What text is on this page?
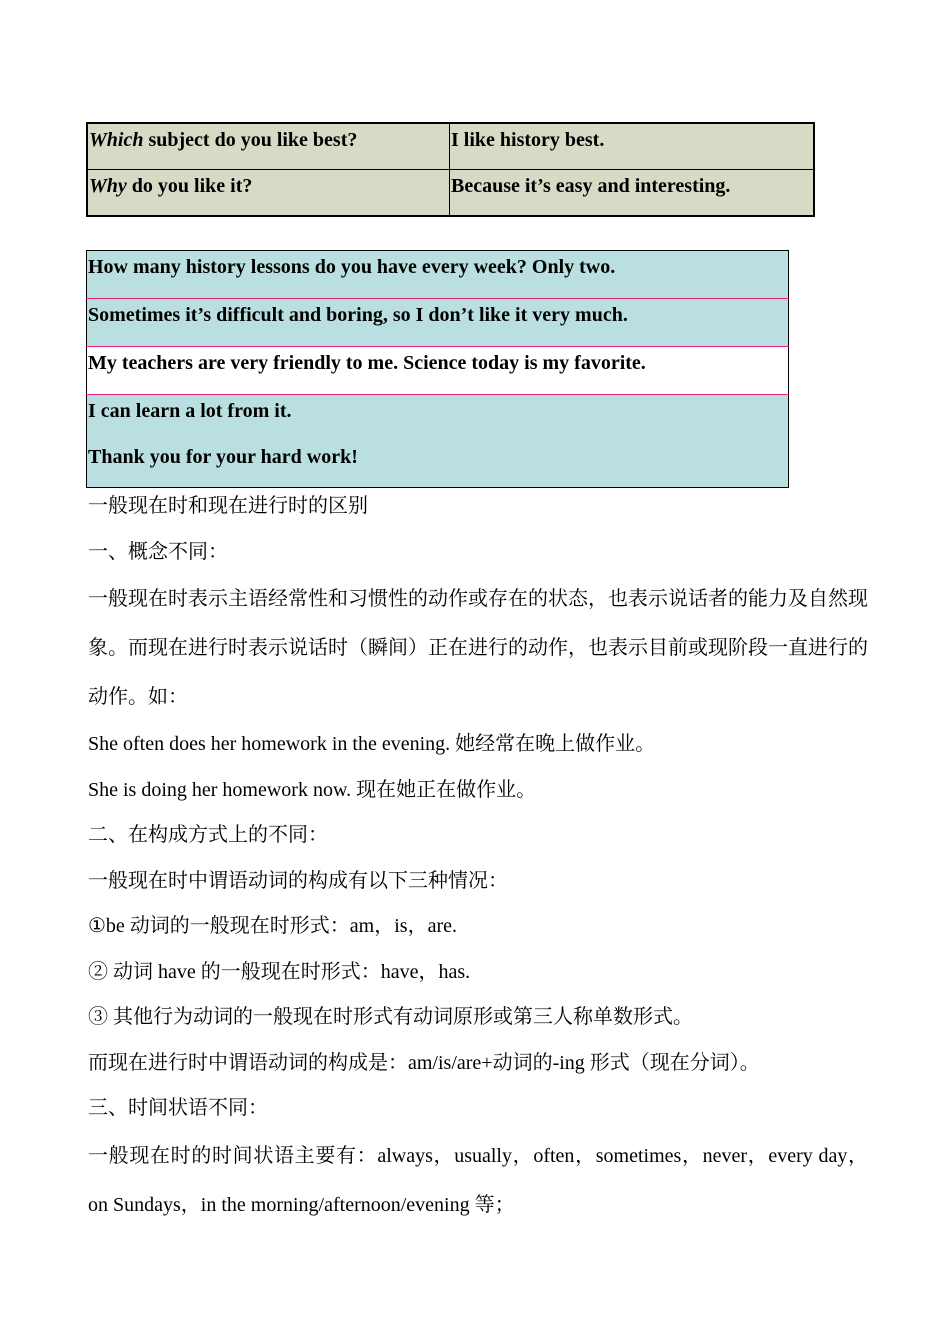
Which subject do you like best?	I like history best.
Why do you like it?	Because it’s easy and interesting.
How many history lessons do you have every week? Only two.
Sometimes it’s difficult and boring, so I don’t like it very much.
My teachers are very friendly to me. Science today is my favorite.

I can learn a lot from it.
Thank you for your hard work!

一般现在时和现在进行时的区别

一、概念不同：

一般现在时表示主语经常性和习惯性的动作或存在的状态，也表示说话者的能力及自然现象。而现在进行时表示说话时（瞬间）正在进行的动作，也表示目前或现阶段一直进行的动作。如：

She often does her homework in the evening. 她经常在晚上做作业。

She is doing her homework now. 现在她正在做作业。

二、在构成方式上的不同：

一般现在时中谓语动词的构成有以下三种情况：

①be 动词的一般现在时形式：am，is，are.

② 动词 have 的一般现在时形式：have，has.

③ 其他行为动词的一般现在时形式有动词原形或第三人称单数形式。

而现在进行时中谓语动词的构成是：am/is/are+动词的-ing 形式（现在分词）。

三、时间状语不同：

一般现在时的时间状语主要有：always，usually，often，sometimes，never，every day，on Sundays，in the morning/afternoon/evening 等；
